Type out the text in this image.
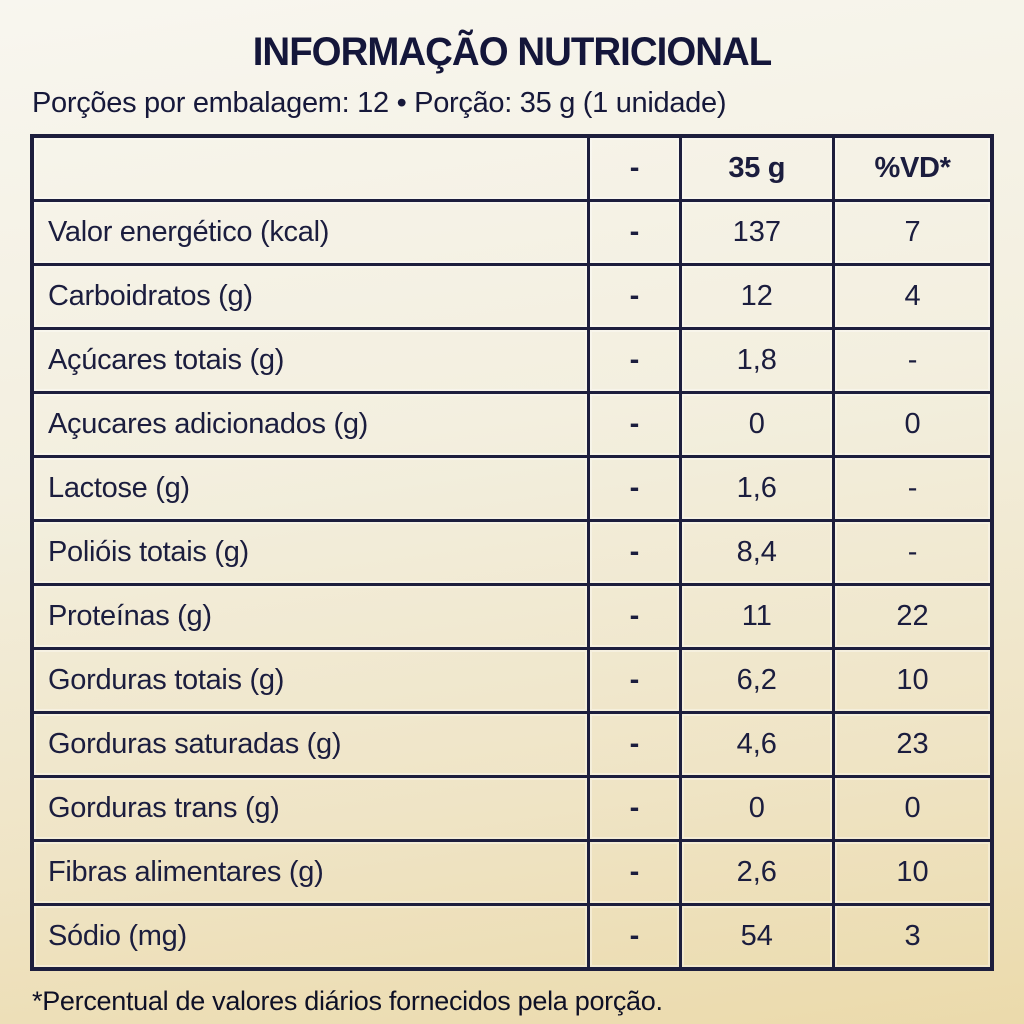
INFORMAÇÃO NUTRICIONAL
Porções por embalagem: 12 • Porção: 35 g (1 unidade)
	-	35 g	%VD*
Valor energético (kcal)	-	137	7
Carboidratos (g)	-	12	4
Açúcares totais (g)	-	1,8	-
Açucares adicionados (g)	-	0	0
Lactose (g)	-	1,6	-
Polióis totais (g)	-	8,4	-
Proteínas (g)	-	11	22
Gorduras totais (g)	-	6,2	10
Gorduras saturadas (g)	-	4,6	23
Gorduras trans (g)	-	0	0
Fibras alimentares (g)	-	2,6	10
Sódio (mg)	-	54	3
*Percentual de valores diários fornecidos pela porção.
